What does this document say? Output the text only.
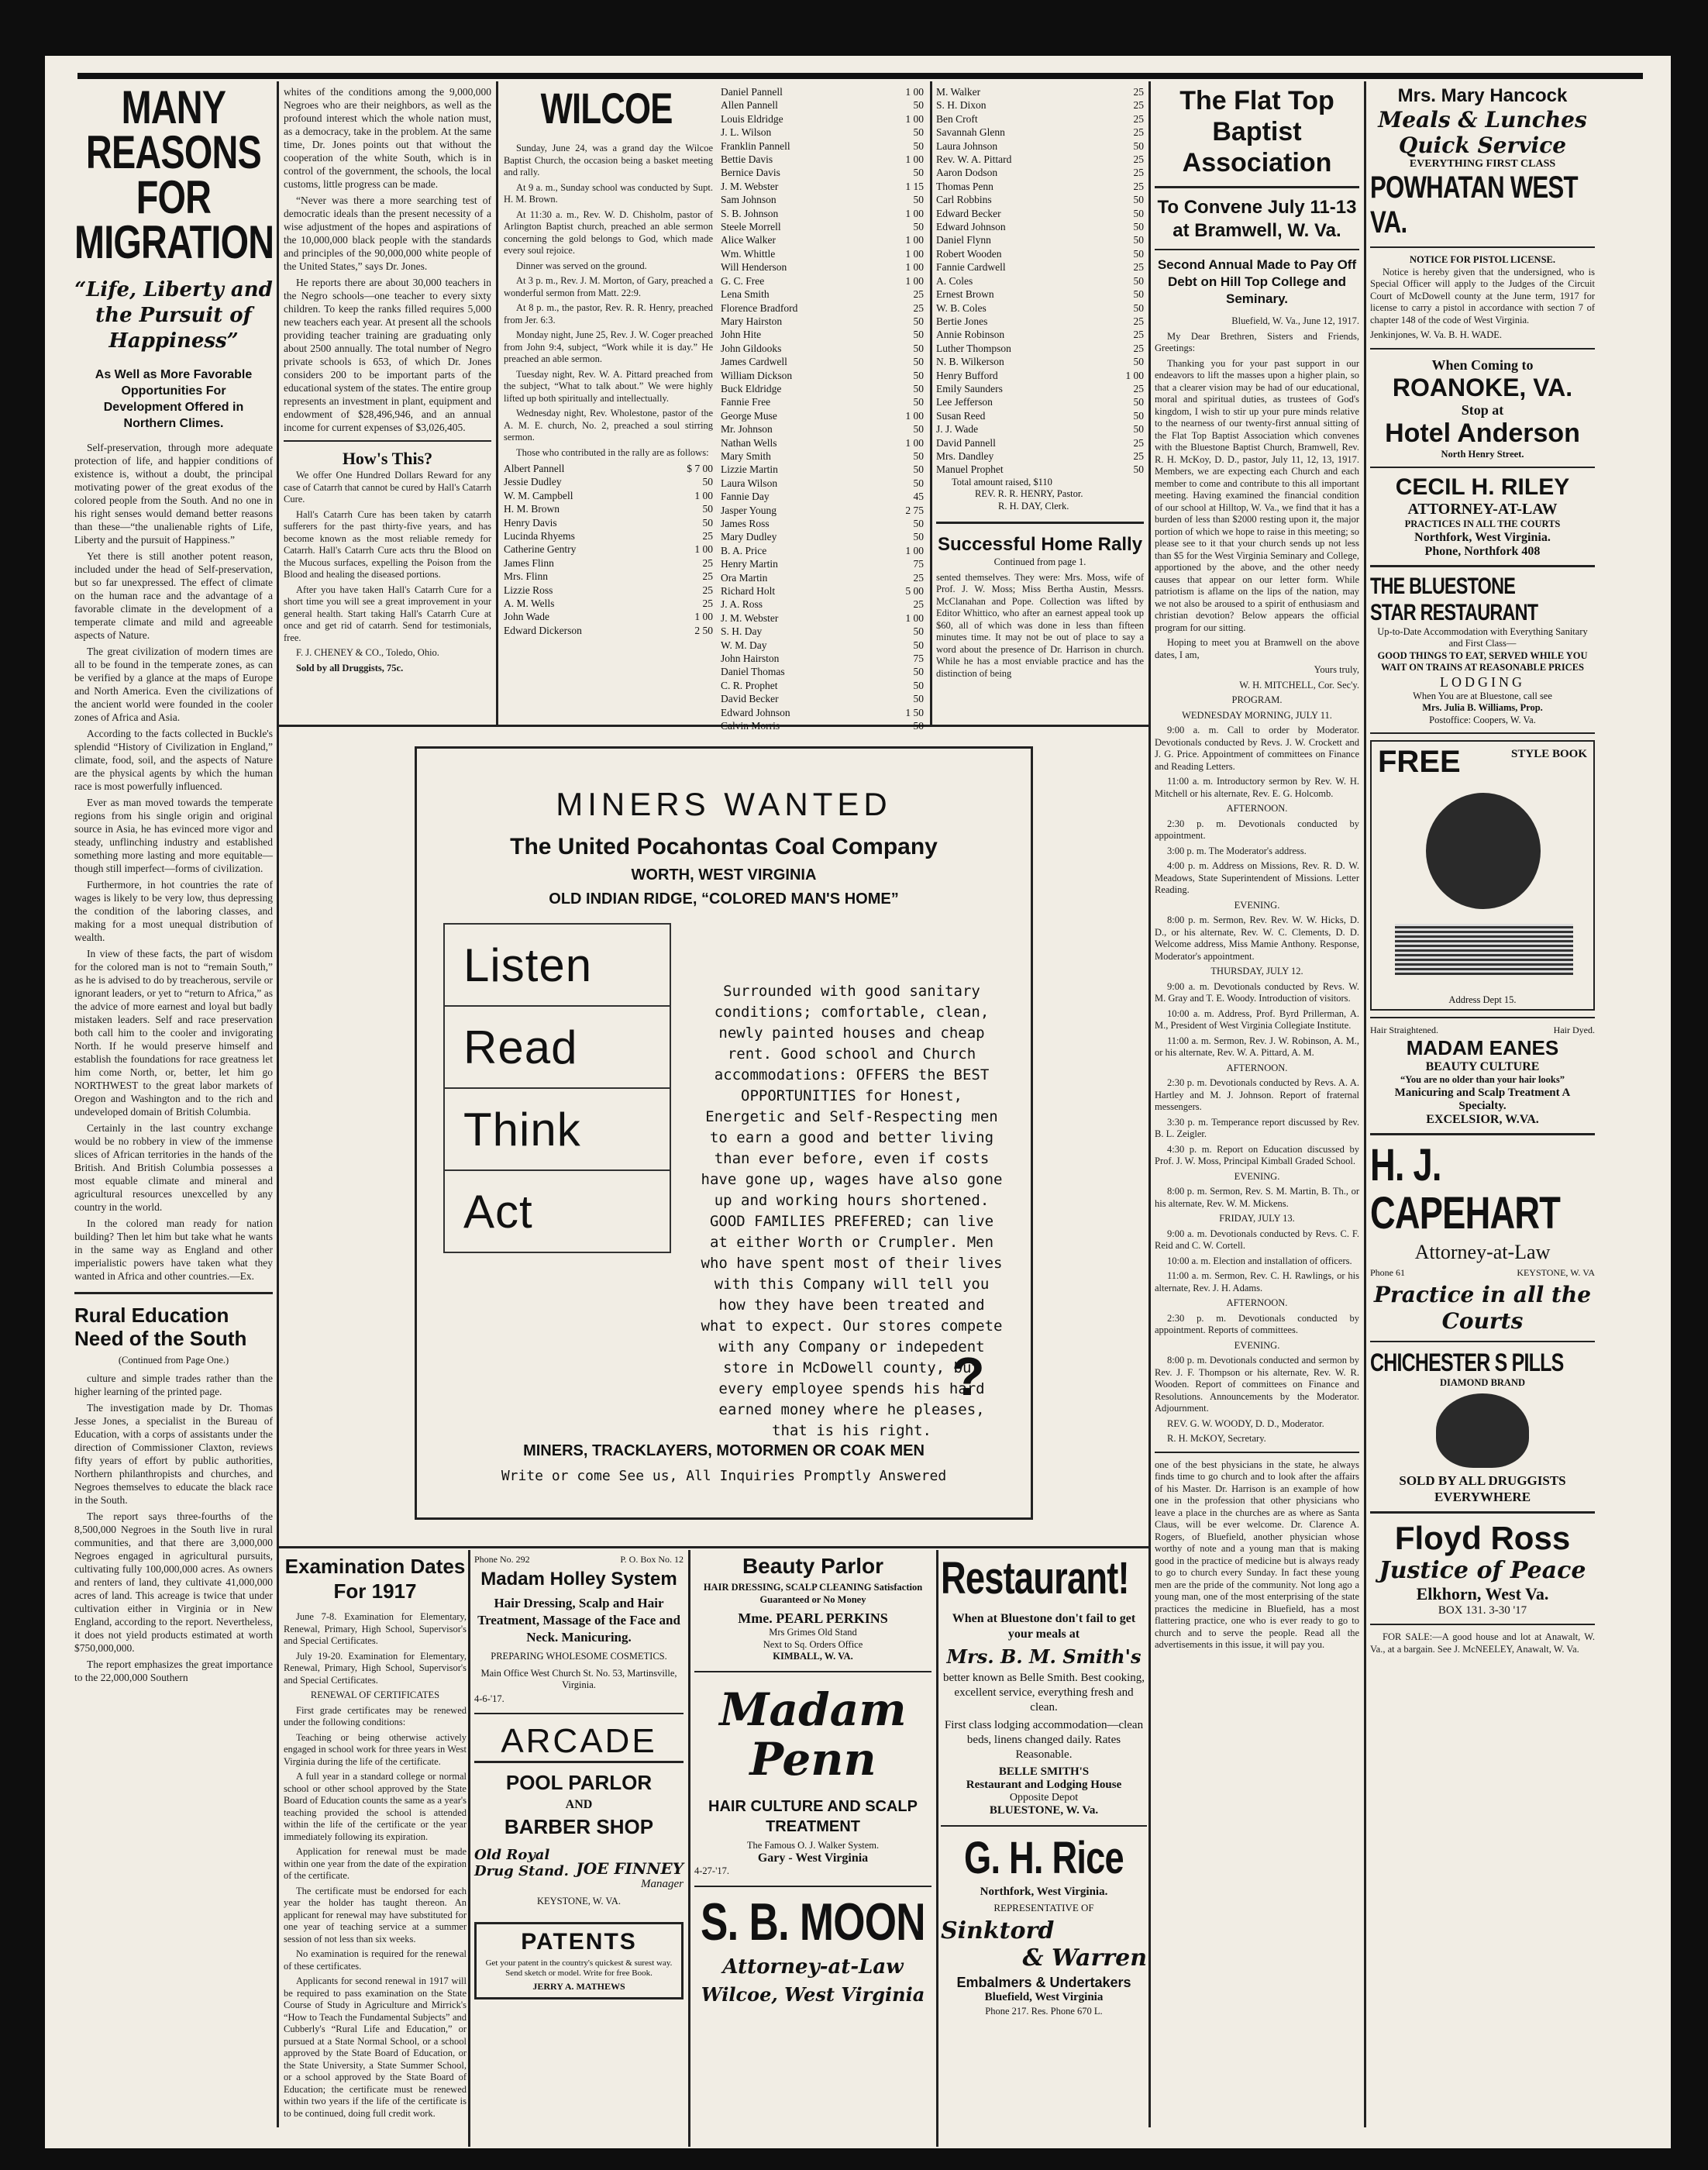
MANY REASONS FOR MIGRATION
“Life, Liberty and the Pursuit of Happiness”
As Well as More Favorable Opportunities For Development Offered in Northern Climes.

Self-preservation, through more adequate protection of life, and happier conditions of existence is, without a doubt, the principal motivating power of the great exodus of the colored people from the South. And no one in his right senses would demand better reasons than these—“the unalienable rights of Life, Liberty and the pursuit of Happiness.”

Yet there is still another potent reason, included under the head of Self-preservation, but so far unexpressed. The effect of climate on the human race and the advantage of a favorable climate in the development of a temperate climate and mild and agreeable aspects of Nature.

The great civilization of modern times are all to be found in the temperate zones, as can be verified by a glance at the maps of Europe and North America. Even the civilizations of the ancient world were founded in the cooler zones of Africa and Asia.

According to the facts collected in Buckle's splendid “History of Civilization in England,” climate, food, soil, and the aspects of Nature are the physical agents by which the human race is most powerfully influenced.

Ever as man moved towards the temperate regions from his single origin and original source in Asia, he has evinced more vigor and steady, unflinching industry and established something more lasting and more equitable—though still imperfect—forms of civilization.

Furthermore, in hot countries the rate of wages is likely to be very low, thus depressing the condition of the laboring classes, and making for a most unequal distribution of wealth.

In view of these facts, the part of wisdom for the colored man is not to “remain South,” as he is advised to do by treacherous, servile or ignorant leaders, or yet to “return to Africa,” as the advice of more earnest and loyal but badly mistaken leaders. Self and race preservation both call him to the cooler and invigorating North. If he would preserve himself and establish the foundations for race greatness let him come North, or, better, let him go NORTHWEST to the great labor markets of Oregon and Washington and to the rich and undeveloped domain of British Columbia.

Certainly in the last country exchange would be no robbery in view of the immense slices of African territories in the hands of the British. And British Columbia possesses a most equable climate and mineral and agricultural resources unexcelled by any country in the world.

In the colored man ready for nation building? Then let him but take what he wants in the same way as England and other imperialistic powers have taken what they wanted in Africa and other countries.—Ex.

Rural Education Need of the South
(Continued from Page One.)

culture and simple trades rather than the higher learning of the printed page.

The investigation made by Dr. Thomas Jesse Jones, a specialist in the Bureau of Education, with a corps of assistants under the direction of Commissioner Claxton, reviews fifty years of effort by public authorities, Northern philanthropists and churches, and Negroes themselves to educate the black race in the South.

The report says three-fourths of the 8,500,000 Negroes in the South live in rural communities, and that there are 3,000,000 Negroes engaged in agricultural pursuits, cultivating fully 100,000,000 acres. As owners and renters of land, they cultivate 41,000,000 acres of land. This acreage is twice that under cultivation either in Virginia or in New England, according to the report. Nevertheless, it does not yield products estimated at worth $750,000,000.

The report emphasizes the great importance to the 22,000,000 Southern

whites of the conditions among the 9,000,000 Negroes who are their neighbors, as well as the profound interest which the whole nation must, as a democracy, take in the problem. At the same time, Dr. Jones points out that without the cooperation of the white South, which is in control of the government, the schools, the local customs, little progress can be made.

“Never was there a more searching test of democratic ideals than the present necessity of a wise adjustment of the hopes and aspirations of the 10,000,000 black people with the standards and principles of the 90,000,000 white people of the United States,” says Dr. Jones.

He reports there are about 30,000 teachers in the Negro schools—one teacher to every sixty children. To keep the ranks filled requires 5,000 new teachers each year. At present all the schools providing teacher training are graduating only about 2500 annually. The total number of Negro private schools is 653, of which Dr. Jones considers 200 to be important parts of the educational system of the states. The entire group represents an investment in plant, equipment and endowment of $28,496,946, and an annual income for current expenses of $3,026,405.

How's This?

We offer One Hundred Dollars Reward for any case of Catarrh that cannot be cured by Hall's Catarrh Cure.

Hall's Catarrh Cure has been taken by catarrh sufferers for the past thirty-five years, and has become known as the most reliable remedy for Catarrh. Hall's Catarrh Cure acts thru the Blood on the Mucous surfaces, expelling the Poison from the Blood and healing the diseased portions.

After you have taken Hall's Catarrh Cure for a short time you will see a great improvement in your general health. Start taking Hall's Catarrh Cure at once and get rid of catarrh. Send for testimonials, free.

F. J. CHENEY & CO., Toledo, Ohio.

Sold by all Druggists, 75c.

WILCOE

Sunday, June 24, was a grand day the Wilcoe Baptist Church, the occasion being a basket meeting and rally.

At 9 a. m., Sunday school was conducted by Supt. H. M. Brown.

At 11:30 a. m., Rev. W. D. Chisholm, pastor of Arlington Baptist church, preached an able sermon concerning the gold belongs to God, which made every soul rejoice.

Dinner was served on the ground.

At 3 p. m., Rev. J. M. Morton, of Gary, preached a wonderful sermon from Matt. 22:9.

At 8 p. m., the pastor, Rev. R. R. Henry, preached from Jer. 6:3.

Monday night, June 25, Rev. J. W. Coger preached from John 9:4, subject, “Work while it is day.” He preached an able sermon.

Tuesday night, Rev. W. A. Pittard preached from the subject, “What to talk about.” We were highly lifted up both spiritually and intellectually.

Wednesday night, Rev. Wholestone, pastor of the A. M. E. church, No. 2, preached a soul stirring sermon.

Those who contributed in the rally are as follows:

Albert Pannell	$ 7 00
Jessie Dudley	50
W. M. Campbell	1 00
H. M. Brown	50
Henry Davis	50
Lucinda Rhyems	25
Catherine Gentry	1 00
James Flinn	25
Mrs. Flinn	25
Lizzie Ross	25
A. M. Wells	25
John Wade	1 00
Edward Dickerson	2 50
Daniel Pannell	1 00
Allen Pannell	50
Louis Eldridge	1 00
J. L. Wilson	50
Franklin Pannell	50
Bettie Davis	1 00
Bernice Davis	50
J. M. Webster	1 15
Sam Johnson	50
S. B. Johnson	1 00
Steele Morrell	50
Alice Walker	1 00
Wm. Whittle	1 00
Will Henderson	1 00
G. C. Free	1 00
Lena Smith	25
Florence Bradford	25
Mary Hairston	50
John Hite	50
John Gildooks	50
James Cardwell	50
William Dickson	50
Buck Eldridge	50
Fannie Free	50
George Muse	1 00
Mr. Johnson	50
Nathan Wells	1 00
Mary Smith	50
Lizzie Martin	50
Laura Wilson	50
Fannie Day	45
Jasper Young	2 75
James Ross	50
Mary Dudley	50
B. A. Price	1 00
Henry Martin	75
Ora Martin	25
Richard Holt	5 00
J. A. Ross	25
J. M. Webster	1 00
S. H. Day	50
W. M. Day	50
John Hairston	75
Daniel Thomas	50
C. R. Prophet	50
David Becker	50
Edward Johnson	1 50
Calvin Morris	50
M. Walker	25
S. H. Dixon	25
Ben Croft	25
Savannah Glenn	25
Laura Johnson	50
Rev. W. A. Pittard	25
Aaron Dodson	25
Thomas Penn	25
Carl Robbins	50
Edward Becker	50
Edward Johnson	50
Daniel Flynn	50
Robert Wooden	50
Fannie Cardwell	25
A. Coles	50
Ernest Brown	50
W. B. Coles	50
Bertie Jones	25
Annie Robinson	25
Luther Thompson	25
N. B. Wilkerson	50
Henry Bufford	1 00
Emily Saunders	25
Lee Jefferson	50
Susan Reed	50
J. J. Wade	50
David Pannell	25
Mrs. Dandley	25
Manuel Prophet	50
Total amount raised, $110
REV. R. R. HENRY, Pastor.
R. H. DAY, Clerk.
Successful Home Rally
Continued from page 1.

sented themselves. They were: Mrs. Moss, wife of Prof. J. W. Moss; Miss Bertha Austin, Messrs. McClanahan and Pope. Collection was lifted by Editor Whittico, who after an earnest appeal took up $60, all of which was done in less than fifteen minutes time. It may not be out of place to say a word about the presence of Dr. Harrison in church. While he has a most enviable practice and has the distinction of being

MINERS WANTED
The United Pocahontas Coal Company
WORTH, WEST VIRGINIA
OLD INDIAN RIDGE, “COLORED MAN'S HOME”
Listen
Read
Think
Act
Surrounded with good sanitary conditions; comfortable, clean, newly painted houses and cheap rent. Good school and Church accommodations: OFFERS the BEST OPPORTUNITIES for Honest, Energetic and Self-Respecting men to earn a good and better living than ever before, even if costs have gone up, wages have also gone up and working hours shortened. GOOD FAMILIES PREFERED; can live at either Worth or Crumpler. Men who have spent most of their lives with this Company will tell you how they have been treated and what to expect. Our stores compete with any Company or indepedent store in McDowell county, but every employee spends his hard earned money where he pleases, that is his right.
?
MINERS, TRACKLAYERS, MOTORMEN OR COAK MEN
Write or come See us, All Inquiries Promptly Answered
Examination Dates For 1917

June 7-8. Examination for Elementary, Renewal, Primary, High School, Supervisor's and Special Certificates.

July 19-20. Examination for Elementary, Renewal, Primary, High School, Supervisor's and Special Certificates.

RENEWAL OF CERTIFICATES

First grade certificates may be renewed under the following conditions:

Teaching or being otherwise actively engaged in school work for three years in West Virginia during the life of the certificate.

A full year in a standard college or normal school or other school approved by the State Board of Education counts the same as a year's teaching provided the school is attended within the life of the certificate or the year immediately following its expiration.

Application for renewal must be made within one year from the date of the expiration of the certificate.

The certificate must be endorsed for each year the holder has taught thereon. An applicant for renewal may have substituted for one year of teaching service at a summer session of not less than six weeks.

No examination is required for the renewal of these certificates.

Applicants for second renewal in 1917 will be required to pass examination on the State Course of Study in Agriculture and Mirrick's “How to Teach the Fundamental Subjects” and Cubberly's “Rural Life and Education,” or pursued at a State Normal School, or a school approved by the State Board of Education, or the State University, a State Summer School, or a school approved by the State Board of Education; the certificate must be renewed within two years if the life of the certificate is to be continued, doing full credit work.

Phone No. 292	P. O. Box No. 12
Madam Holley System
Hair Dressing, Scalp and Hair Treatment, Massage of the Face and Neck. Manicuring.
PREPARING WHOLESOME COSMETICS.
Main Office West Church St. No. 53, Martinsville, Virginia.
4-6-'17.
ARCADE
POOL PARLOR
AND
BARBER SHOP
Old Royal Drug Stand. JOE FINNEY
Manager
KEYSTONE, W. VA.
PATENTS
Get your patent in the country's quickest & surest way. Send sketch or model. Write for free Book.
JERRY A. MATHEWS
Beauty Parlor
HAIR DRESSING, SCALP CLEANING Satisfaction Guaranteed or No Money
Mme. PEARL PERKINS
Mrs Grimes Old Stand
Next to Sq. Orders Office
KIMBALL, W. VA.
Madam
Penn
HAIR CULTURE AND SCALP TREATMENT
The Famous O. J. Walker System.
Gary - West Virginia
4-27-'17.
S. B. MOON
Attorney-at-Law
Wilcoe, West Virginia
Restaurant!
When at Bluestone don't fail to get your meals at
Mrs. B. M. Smith's
better known as Belle Smith. Best cooking, excellent service, everything fresh and clean.
First class lodging accommodation—clean beds, linens changed daily. Rates Reasonable.
BELLE SMITH'S
Restaurant and Lodging House
Opposite Depot
BLUESTONE, W. Va.
G. H. Rice
Northfork, West Virginia.
REPRESENTATIVE OF
Sinktord
& Warren
Embalmers & Undertakers
Bluefield, West Virginia
Phone 217. Res. Phone 670 L.
The Flat Top Baptist Association
To Convene July 11-13 at Bramwell, W. Va.
Second Annual Made to Pay Off Debt on Hill Top College and Seminary.

Bluefield, W. Va., June 12, 1917.

My Dear Brethren, Sisters and Friends, Greetings:

Thanking you for your past support in our endeavors to lift the masses upon a higher plain, so that a clearer vision may be had of our educational, moral and spiritual duties, as trustees of God's kingdom, I wish to stir up your pure minds relative to the nearness of our twenty-first annual sitting of the Flat Top Baptist Association which convenes with the Bluestone Baptist Church, Bramwell, Rev. R. H. McKoy, D. D., pastor, July 11, 12, 13, 1917. Members, we are expecting each Church and each member to come and contribute to this all important meeting. Having examined the financial condition of our school at Hilltop, W. Va., we find that it has a burden of less than $2000 resting upon it, the major portion of which we hope to raise in this meeting; so please see to it that your church sends up not less than $5 for the West Virginia Seminary and College, apportioned by the above, and the other needy causes that appear on our letter form. While patriotism is aflame on the lips of the nation, may we not also be aroused to a spirit of enthusiasm and christian devotion? Below appears the official program for our sitting.

Hoping to meet you at Bramwell on the above dates, I am,

Yours truly,

W. H. MITCHELL, Cor. Sec'y.

PROGRAM.

WEDNESDAY MORNING, JULY 11.

9:00 a. m. Call to order by Moderator. Devotionals conducted by Revs. J. W. Crockett and J. G. Price. Appointment of committees on Finance and Reading Letters.

11:00 a. m. Introductory sermon by Rev. W. H. Mitchell or his alternate, Rev. E. G. Holcomb.

AFTERNOON.

2:30 p. m. Devotionals conducted by appointment.

3:00 p. m. The Moderator's address.

4:00 p. m. Address on Missions, Rev. R. D. W. Meadows, State Superintendent of Missions. Letter Reading.

EVENING.

8:00 p. m. Sermon, Rev. Rev. W. W. Hicks, D. D., or his alternate, Rev. W. C. Clements, D. D. Welcome address, Miss Mamie Anthony. Response, Moderator's appointment.

THURSDAY, JULY 12.

9:00 a. m. Devotionals conducted by Revs. W. M. Gray and T. E. Woody. Introduction of visitors.

10:00 a. m. Address, Prof. Byrd Prillerman, A. M., President of West Virginia Collegiate Institute.

11:00 a. m. Sermon, Rev. J. W. Robinson, A. M., or his alternate, Rev. W. A. Pittard, A. M.

AFTERNOON.

2:30 p. m. Devotionals conducted by Revs. A. A. Hartley and M. J. Johnson. Report of fraternal messengers.

3:30 p. m. Temperance report discussed by Rev. B. L. Zeigler.

4:30 p. m. Report on Education discussed by Prof. J. W. Moss, Principal Kimball Graded School.

EVENING.

8:00 p. m. Sermon, Rev. S. M. Martin, B. Th., or his alternate, Rev. W. M. Mickens.

FRIDAY, JULY 13.

9:00 a. m. Devotionals conducted by Revs. C. F. Reid and C. W. Cortell.

10:00 a. m. Election and installation of officers.

11:00 a. m. Sermon, Rev. C. H. Rawlings, or his alternate, Rev. J. H. Adams.

AFTERNOON.

2:30 p. m. Devotionals conducted by appointment. Reports of committees.

EVENING.

8:00 p. m. Devotionals conducted and sermon by Rev. J. F. Thompson or his alternate, Rev. W. R. Wooden. Report of committees on Finance and Resolutions. Announcements by the Moderator. Adjournment.

REV. G. W. WOODY, D. D., Moderator.

R. H. McKOY, Secretary.

one of the best physicians in the state, he always finds time to go church and to look after the affairs of his Master. Dr. Harrison is an example of how one in the profession that other physicians who leave a place in the churches are as where as Santa Claus, will be ever welcome. Dr. Clarence A. Rogers, of Bluefield, another physician whose worthy of note and a young man that is making good in the practice of medicine but is always ready to go to church every Sunday. In fact these young men are the pride of the community. Not long ago a young man, one of the most enterprising of the state practices the medicine in Bluefield, has a most flattering practice, one who is ever ready to go to church and to serve the people. Read all the advertisements in this issue, it will pay you.

Mrs. Mary Hancock
Meals & Lunches
Quick Service
EVERYTHING FIRST CLASS
POWHATAN WEST VA.
NOTICE FOR PISTOL LICENSE.

Notice is hereby given that the undersigned, who is Special Officer will apply to the Judges of the Circuit Court of McDowell county at the June term, 1917 for license to carry a pistol in accordance with section 7 of chapter 148 of the code of West Virginia.

Jenkinjones, W. Va. B. H. WADE.
When Coming to
ROANOKE, VA.
Stop at
Hotel Anderson
North Henry Street.
CECIL H. RILEY
ATTORNEY-AT-LAW
PRACTICES IN ALL THE COURTS
Northfork, West Virginia.
Phone, Northfork 408
THE BLUESTONE
STAR RESTAURANT
Up-to-Date Accommodation with Everything Sanitary and First Class—
GOOD THINGS TO EAT, SERVED WHILE YOU WAIT ON TRAINS AT REASONABLE PRICES
LODGING
When You are at Bluestone, call see
Mrs. Julia B. Williams, Prop.
Postoffice: Coopers, W. Va.
FREE	STYLE BOOK
Address Dept 15.
Hair Straightened.	Hair Dyed.
MADAM EANES
BEAUTY CULTURE
“You are no older than your hair looks”
Manicuring and Scalp Treatment A Specialty.
EXCELSIOR, W.VA.
H. J. CAPEHART
Attorney-at-Law
Phone 61	KEYSTONE, W. VA
Practice in all the Courts
CHICHESTER S PILLS
DIAMOND BRAND
SOLD BY ALL DRUGGISTS EVERYWHERE
Floyd Ross
Justice of Peace
Elkhorn, West Va.
BOX 131. 3-30 '17

FOR SALE:—A good house and lot at Anawalt, W. Va., at a bargain. See J. McNEELEY, Anawalt, W. Va.
